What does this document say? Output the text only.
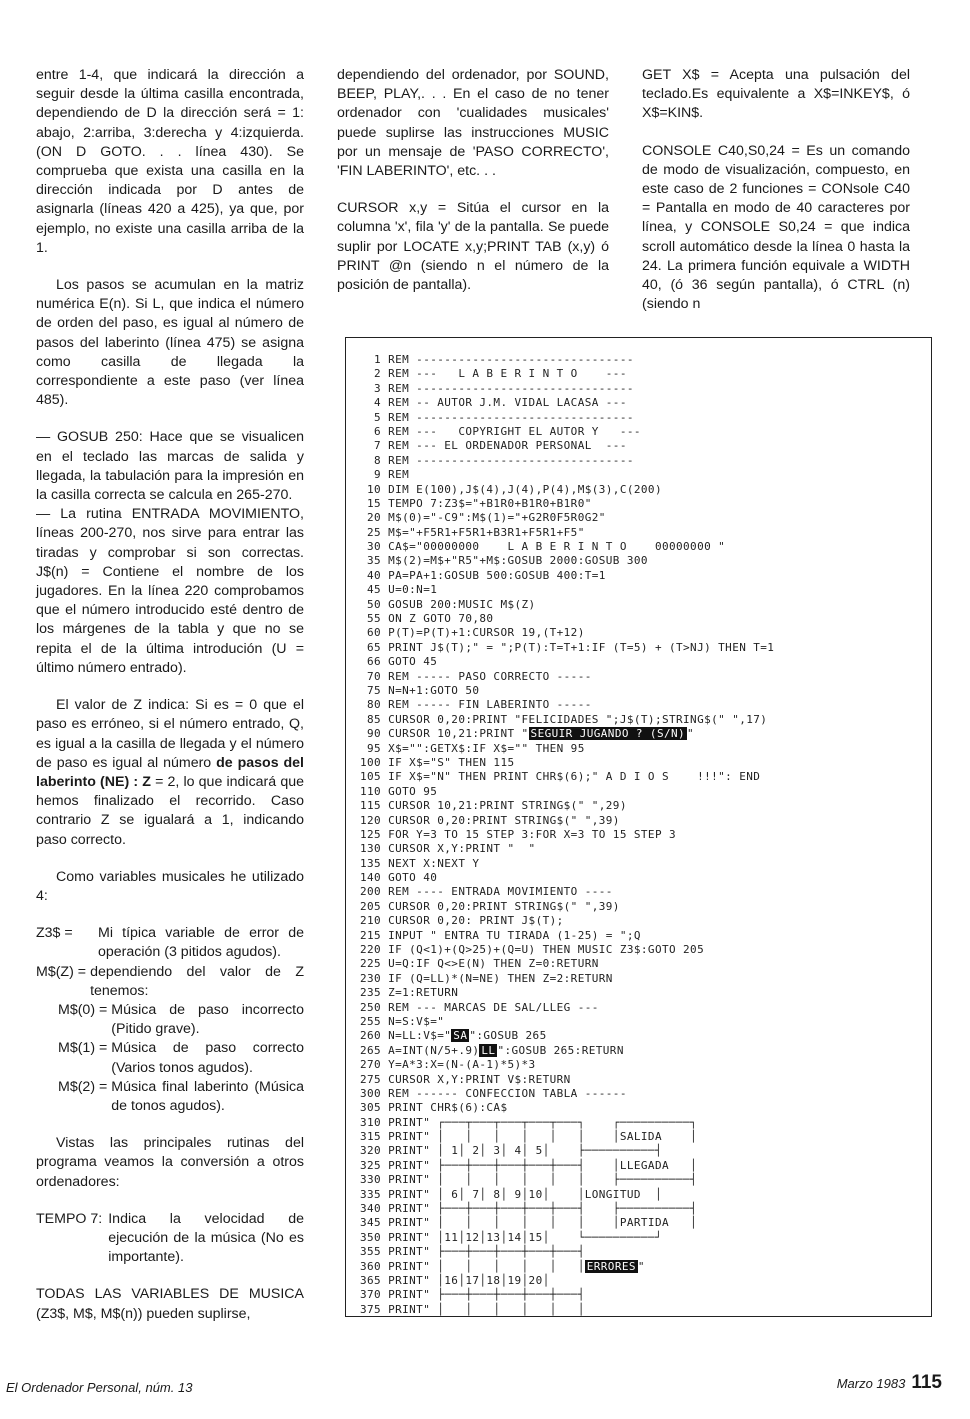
entre 1-4, que indicará la dirección a seguir desde la última casilla encontrada, dependiendo de D la dirección será = 1: abajo, 2:arriba, 3:derecha y 4:izquierda. (ON D GOTO. . . línea 430). Se comprueba que exista una casilla en la dirección indicada por D antes de asignarla (líneas 420 a 425), ya que, por ejemplo, no existe una casilla arriba de la 1.

Los pasos se acumulan en la matriz numérica E(n). Si L, que indica el número de orden del paso, es igual al número de pasos del laberinto (línea 475) se asigna como casilla de llegada la correspondiente a este paso (ver línea 485).

— GOSUB 250: Hace que se visualicen en el teclado las marcas de salida y llegada, la tabulación para la impresión en la casilla correcta se calcula en 265-270.

— La rutina ENTRADA MOVIMIENTO, líneas 200-270, nos sirve para entrar las tiradas y comprobar si son correctas. J$(n) = Contiene el nombre de los jugadores. En la línea 220 comprobamos que el número introducido esté dentro de los márgenes de la tabla y que no se repita el de la última introdución (U = último número entrado).

El valor de Z indica: Si es = 0 que el paso es erróneo, si el número entrado, Q, es igual a la casilla de llegada y el número de paso es igual al número de pasos del laberinto (NE) : Z = 2, lo que indicará que hemos finalizado el recorrido. Caso contrario Z se igualará a 1, indicando paso correcto.

Como variables musicales he utilizado 4:

Z3$ =	Mi típica variable de error de operación (3 pitidos agudos).
M$(Z) = dependiendo del valor de Z tenemos:
M$(0) = Música de paso incorrecto (Pitido grave).
M$(1) = Música de paso correcto (Varios tonos agudos).
M$(2) = Música final laberinto (Música de tonos agudos).

Vistas las principales rutinas del programa veamos la conversión a otros ordenadores:

TEMPO 7: Indica la velocidad de ejecución de la música (No es importante).

TODAS LAS VARIABLES DE MUSICA (Z3$, M$, M$(n)) pueden suplirse,

dependiendo del ordenador, por SOUND, BEEP, PLAY,. . . En el caso de no tener ordenador con 'cualidades musicales' puede suplirse las instrucciones MUSIC por un mensaje de 'PASO CORRECTO', 'FIN LABERINTO', etc. . .

CURSOR x,y = Sitúa el cursor en la columna 'x', fila 'y' de la pantalla. Se puede suplir por LOCATE x,y;PRINT TAB (x,y) ó PRINT @n (siendo n el número de la posición de pantalla).

GET X$ = Acepta una pulsación del teclado.Es equivalente a X$=INKEY$, ó X$=KIN$.

CONSOLE C40,S0,24 = Es un comando de modo de visualización, compuesto, en este caso de 2 funciones = CONsole C40 = Pantalla en modo de 40 caracteres por línea, y CONSOLE S0,24 = que indica scroll automático desde la línea 0 hasta la 24. La primera función equivale a WIDTH 40, (ó 36 según pantalla), ó CTRL (n) (siendo n

1 REM -------------------------------
2 REM ---   L A B E R I N T O    ---
3 REM -------------------------------
4 REM -- AUTOR J.M. VIDAL LACASA ---
5 REM -------------------------------
6 REM ---   COPYRIGHT EL AUTOR Y   ---
7 REM --- EL ORDENADOR PERSONAL  ---
8 REM -------------------------------
9 REM
10 DIM E(100),J$(4),J(4),P(4),M$(3),C(200)
15 TEMPO 7:Z3$="+B1R0+B1R0+B1R0"
20 M$(0)="-C9":M$(1)="+G2R0F5R0G2"
25 M$="+F5R1+F5R1+B3R1+F5R1+F5"
30 CA$="00000000    L A B E R I N T O    00000000 "
35 M$(2)=M$+"R5"+M$:GOSUB 2000:GOSUB 300
40 PA=PA+1:GOSUB 500:GOSUB 400:T=1
45 U=0:N=1
50 GOSUB 200:MUSIC M$(Z)
55 ON Z GOTO 70,80
60 P(T)=P(T)+1:CURSOR 19,(T+12)
65 PRINT J$(T);" = ";P(T):T=T+1:IF (T=5) + (T>NJ) THEN T=1
66 GOTO 45
70 REM ----- PASO CORRECTO -----
75 N=N+1:GOTO 50
80 REM ----- FIN LABERINTO -----
85 CURSOR 0,20:PRINT "FELICIDADES ";J$(T);STRING$(" ",17)
90 CURSOR 10,21:PRINT " SEGUIR JUGANDO ? (S/N) "
95 X$="":GETX$:IF X$="" THEN 95
100 IF X$="S" THEN 115
105 IF X$="N" THEN PRINT CHR$(6);" A D I O S    !!!": END
110 GOTO 95
115 CURSOR 10,21:PRINT STRING$(" ",29)
120 CURSOR 0,20:PRINT STRING$(" ",39)
125 FOR Y=3 TO 15 STEP 3:FOR X=3 TO 15 STEP 3
130 CURSOR X,Y:PRINT "  "
135 NEXT X:NEXT Y
140 GOTO 40
200 REM ---- ENTRADA MOVIMIENTO ----
205 CURSOR 0,20:PRINT STRING$(" ",39)
210 CURSOR 0,20: PRINT J$(T);
215 INPUT " ENTRA TU TIRADA (1-25) = ";Q
220 IF (Q<1)+(Q>25)+(Q=U) THEN MUSIC Z3$:GOTO 205
225 U=Q:IF Q<>E(N) THEN Z=0:RETURN
230 IF (Q=LL)*(N=NE) THEN Z=2:RETURN
235 Z=1:RETURN
250 REM --- MARCAS DE SAL/LLEG ---
255 N=S:V$="
260 N=LL:V$=" SA ":GOSUB 265
265 A=INT(N/5+.9) LL ":GOSUB 265:RETURN
270 Y=A*3:X=(N-(A-1)*5)*3
275 CURSOR X,Y:PRINT V$:RETURN
300 REM ------ CONFECCION TABLA ------
305 PRINT CHR$(6):CA$
310 PRINT" ┌───┬───┬───┬───┬───┐    ┌──────────┐
315 PRINT" │   │   │   │   │   │    │SALIDA    │
320 PRINT" │ 1│ 2│ 3│ 4│ 5│    ├──────────┤
325 PRINT" ├───┼───┼───┼───┼───┤    │LLEGADA   │
330 PRINT" │   │   │   │   │   │    ├──────────┤
335 PRINT" │ 6│ 7│ 8│ 9│10│    │LONGITUD  │
340 PRINT" ├───┼───┼───┼───┼───┤    ├──────────┤
345 PRINT" │   │   │   │   │   │    │PARTIDA   │
350 PRINT" │11│12│13│14│15│    └──────────┘
355 PRINT" ├───┼───┼───┼───┼───┤
360 PRINT" │   │   │   │   │   │ ERRORES "
365 PRINT" │16│17│18│19│20│
370 PRINT" ├───┼───┼───┼───┼───┤
375 PRINT" │   │   │   │   │   │
El Ordenador Personal, núm. 13	Marzo 1983 115
